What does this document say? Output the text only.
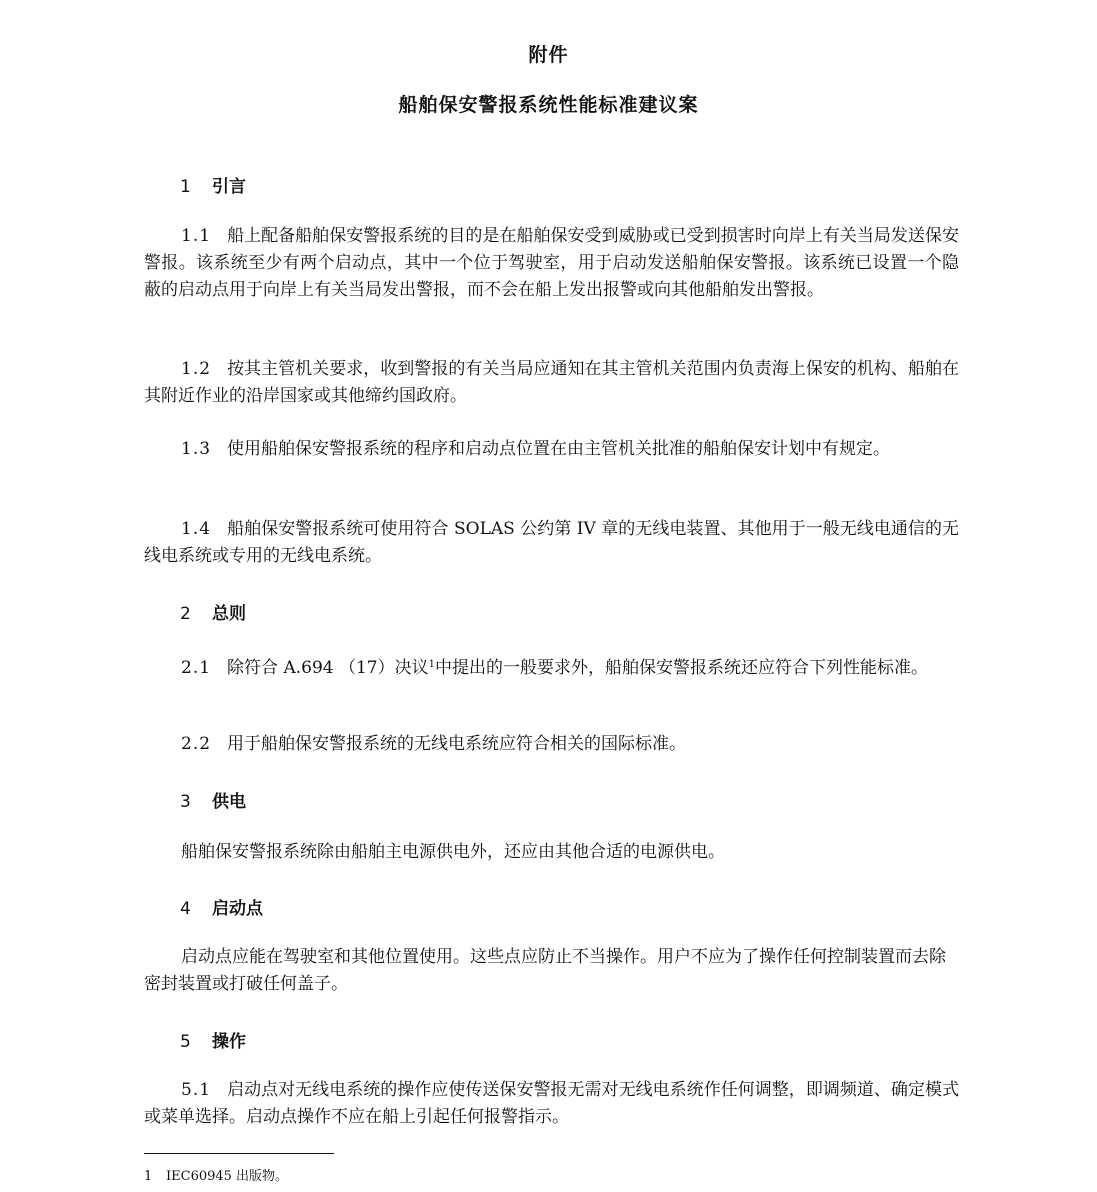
附件
船舶保安警报系统性能标准建议案
1 引言
1.1 船上配备船舶保安警报系统的目的是在船舶保安受到威胁或已受到损害时向岸上有关当局发送保安警报。该系统至少有两个启动点，其中一个位于驾驶室，用于启动发送船舶保安警报。该系统已设置一个隐蔽的启动点用于向岸上有关当局发出警报，而不会在船上发出报警或向其他船舶发出警报。
1.2 按其主管机关要求，收到警报的有关当局应通知在其主管机关范围内负责海上保安的机构、船舶在其附近作业的沿岸国家或其他缔约国政府。
1.3 使用船舶保安警报系统的程序和启动点位置在由主管机关批准的船舶保安计划中有规定。
1.4 船舶保安警报系统可使用符合 SOLAS 公约第 IV 章的无线电装置、其他用于一般无线电通信的无线电系统或专用的无线电系统。
2 总则
2.1 除符合 A.694 （17）决议$^1$中提出的一般要求外，船舶保安警报系统还应符合下列性能标准。
2.2 用于船舶保安警报系统的无线电系统应符合相关的国际标准。
3 供电
船舶保安警报系统除由船舶主电源供电外，还应由其他合适的电源供电。
4 启动点
启动点应能在驾驶室和其他位置使用。这些点应防止不当操作。用户不应为了操作任何控制装置而去除密封装置或打破任何盖子。
5 操作
5.1 启动点对无线电系统的操作应使传送保安警报无需对无线电系统作任何调整，即调频道、确定模式或菜单选择。启动点操作不应在船上引起任何报警指示。
1 IEC60945 出版物。
